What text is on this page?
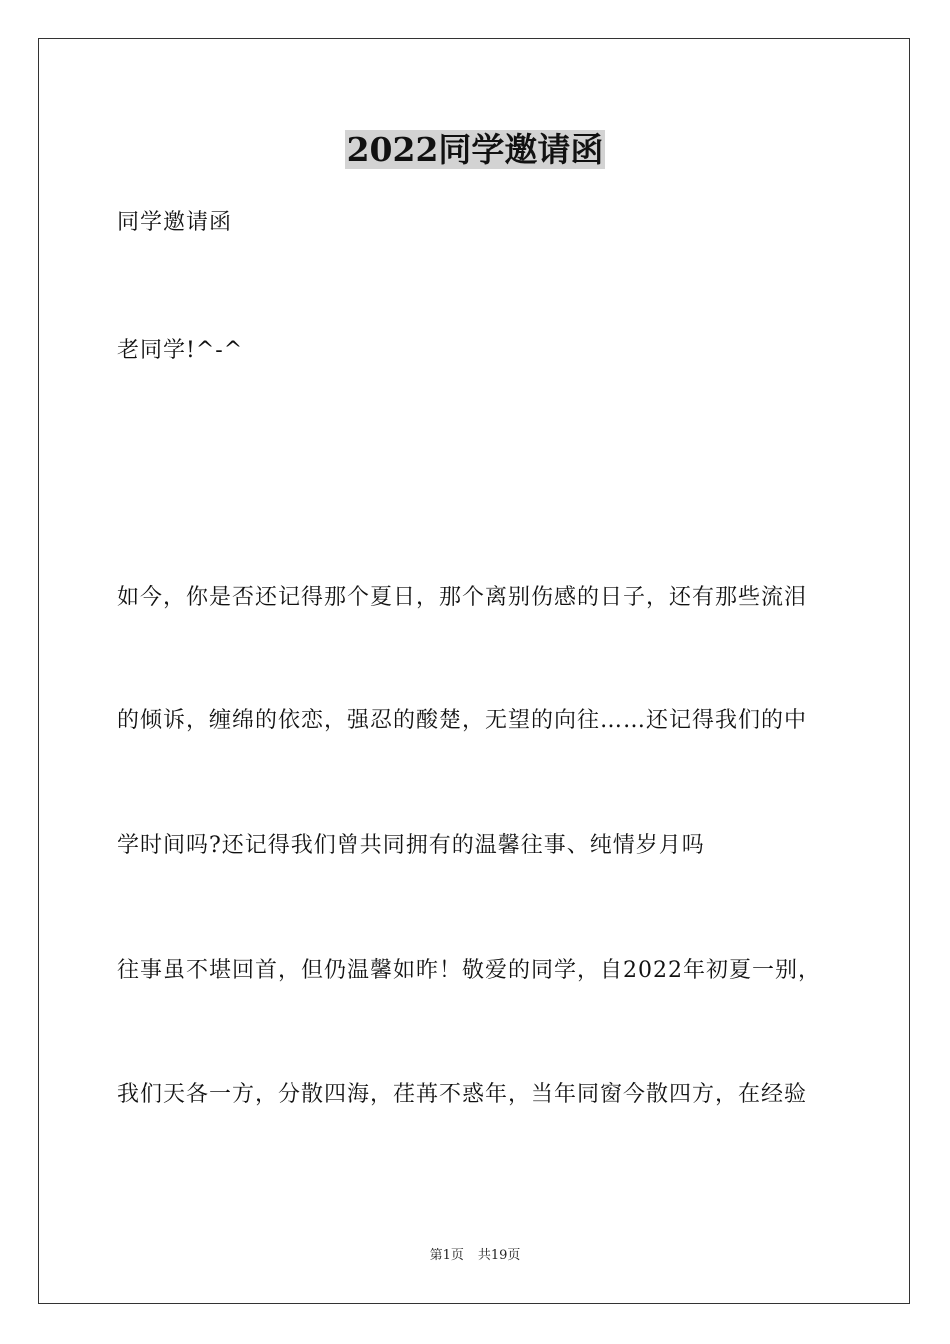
2022同学邀请函
同学邀请函
老同学!^-^
如今，你是否还记得那个夏日，那个离别伤感的日子，还有那些流泪
的倾诉，缠绵的依恋，强忍的酸楚，无望的向往……还记得我们的中
学时间吗?还记得我们曾共同拥有的温馨往事、纯情岁月吗
往事虽不堪回首，但仍温馨如昨！敬爱的同学，自2022年初夏一别，
我们天各一方，分散四海，荏苒不惑年，当年同窗今散四方，在经验
第1页 共19页
